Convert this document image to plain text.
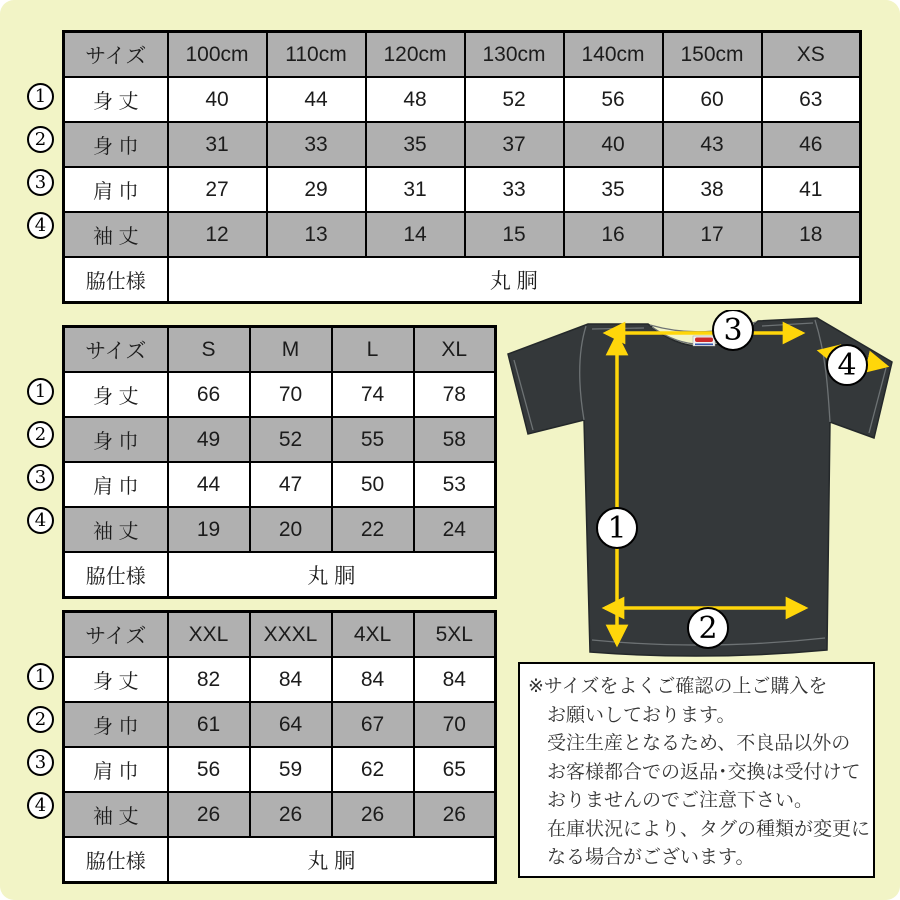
1
2
3
4
1
2
3
4
1
2
3
4
サイズ	100cm	110cm	120cm	130cm	140cm	150cm	XS
身 丈	40	44	48	52	56	60	63
身 巾	31	33	35	37	40	43	46
肩 巾	27	29	31	33	35	38	41
袖 丈	12	13	14	15	16	17	18
脇仕様	丸 胴						
サイズ	S	M	L	XL
身 丈	66	70	74	78
身 巾	49	52	55	58
肩 巾	44	47	50	53
袖 丈	19	20	22	24
脇仕様	丸 胴			
サイズ	XXL	XXXL	4XL	5XL
身 丈	82	84	84	84
身 巾	61	64	67	70
肩 巾	56	59	62	65
袖 丈	26	26	26	26
脇仕様	丸 胴			
3
4
1
2
※サイズをよくご確認の上ご購入を
お願いしております。
受注生産となるため、不良品以外の
お客様都合での返品･交換は受付けて
おりませんのでご注意下さい。
在庫状況により、タグの種類が変更に
なる場合がございます。
